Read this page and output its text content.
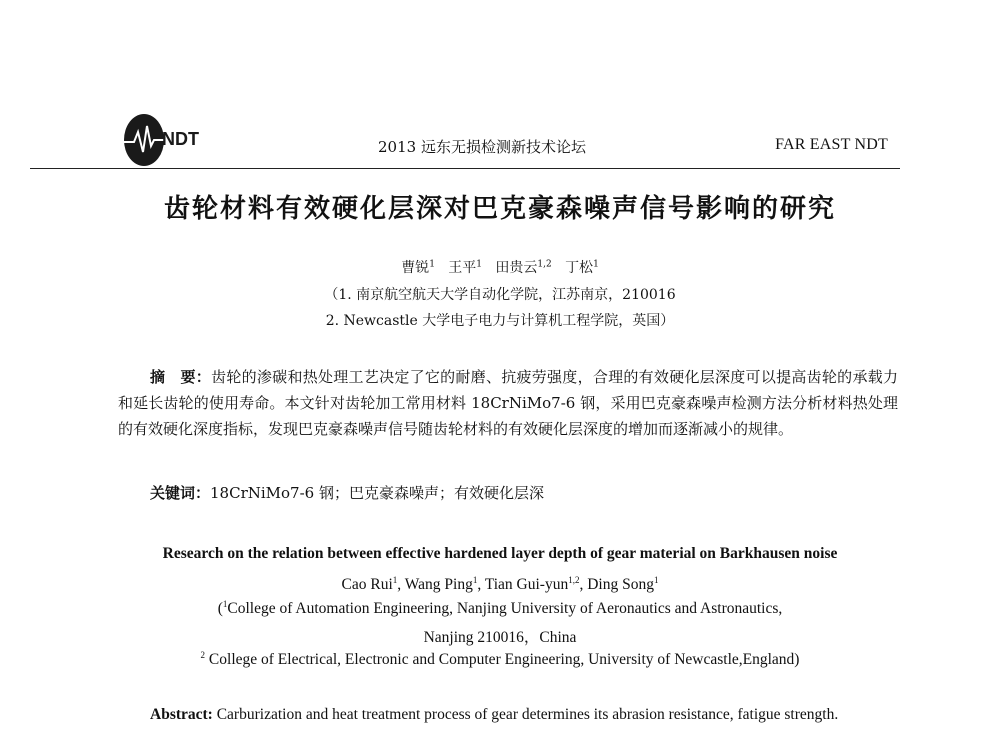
NDT	2013 远东无损检测新技术论坛	FAR EAST NDT
齿轮材料有效硬化层深对巴克豪森噪声信号影响的研究
曹锐$^1$ 王平$^1$ 田贵云$^{1,2}$ 丁松$^1$
（1. 南京航空航天大学自动化学院，江苏南京，210016
2. Newcastle 大学电子电力与计算机工程学院，英国）
摘　要：齿轮的渗碳和热处理工艺决定了它的耐磨、抗疲劳强度，合理的有效硬化层深度可以提高齿轮的承载力和延长齿轮的使用寿命。本文针对齿轮加工常用材料 18CrNiMo7-6 钢，采用巴克豪森噪声检测方法分析材料热处理的有效硬化深度指标，发现巴克豪森噪声信号随齿轮材料的有效硬化层深度的增加而逐渐减小的规律。
关键词：18CrNiMo7-6 钢；巴克豪森噪声；有效硬化层深
Research on the relation between effective hardened layer depth of gear material on Barkhausen noise
Cao Rui$^1$, Wang Ping$^1$, Tian Gui-yun$^{1,2}$, Ding Song$^1$
($^1$College of Automation Engineering, Nanjing University of Aeronautics and Astronautics,
Nanjing 210016，China
$^2$ College of Electrical, Electronic and Computer Engineering, University of Newcastle,England)
Abstract: Carburization and heat treatment process of gear determines its abrasion resistance, fatigue strength.
